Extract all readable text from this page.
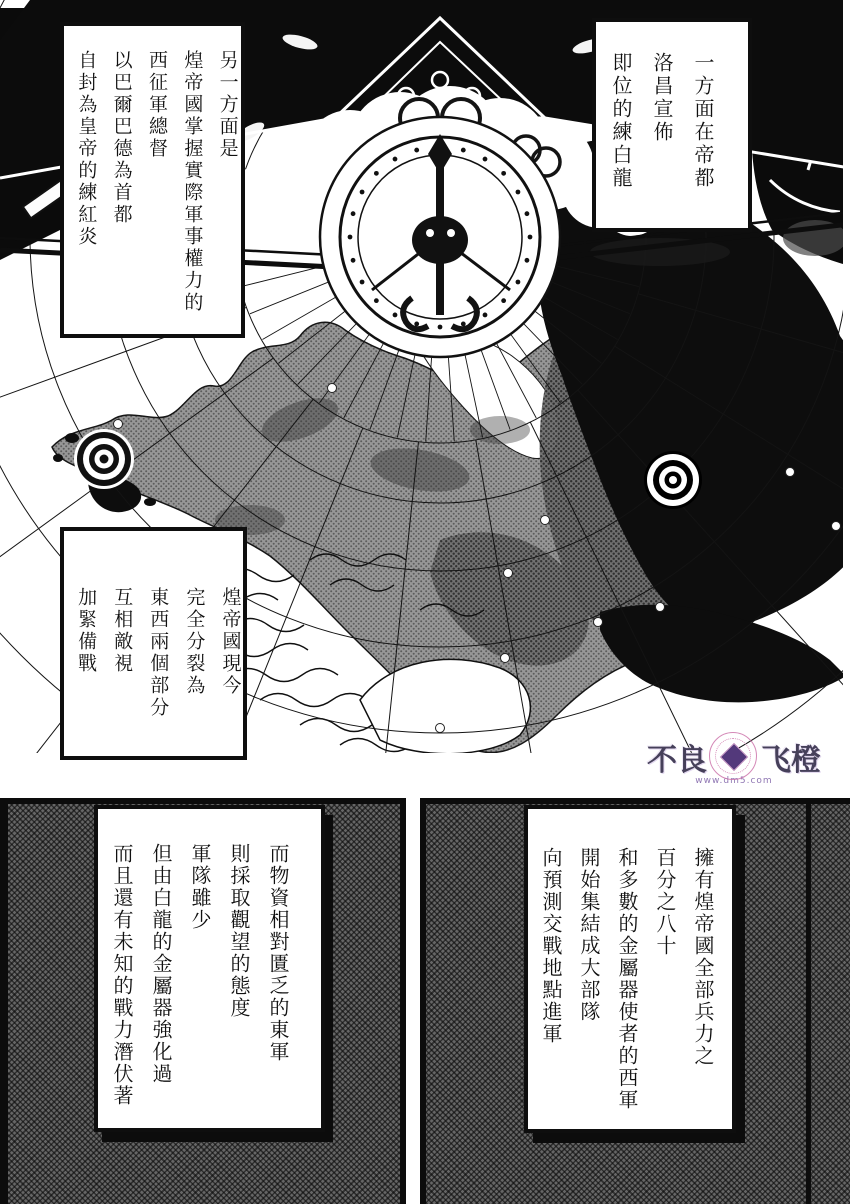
另一方面是
煌帝國掌握實際軍事權力的
西征軍總督
以巴爾巴德為首都
自封為皇帝的練紅炎	一方面在帝都
洛昌宣佈
即位的練白龍
煌帝國現今
完全分裂為
東西兩個部分
互相敵視
加緊備戰
不良 飞橙
www.dm5.com
而物資相對匱乏的東軍
則採取觀望的態度
軍隊雖少
但由白龍的金屬器強化過
而且還有未知的戰力潛伏著	擁有煌帝國全部兵力之
百分之八十
和多數的金屬器使者的西軍
開始集結成大部隊
向預測交戰地點進軍
